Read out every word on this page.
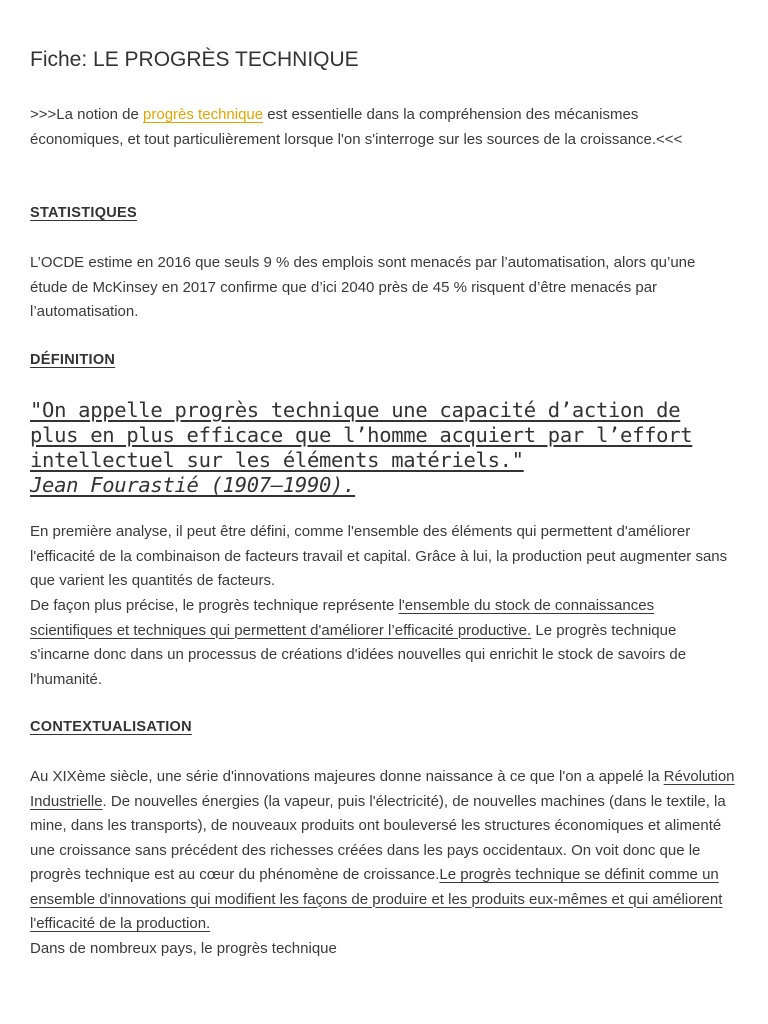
Fiche: LE PROGRÈS TECHNIQUE

>>>La notion de progrès technique est essentielle dans la compréhension des mécanismes économiques, et tout particulièrement lorsque l'on s'interroge sur les sources de la croissance.<<<

STATISTIQUES

L’OCDE estime en 2016 que seuls 9 % des emplois sont menacés par l’automatisation, alors qu’une étude de McKinsey en 2017 confirme que d’ici 2040 près de 45 % risquent d’être menacés par l’automatisation.

DÉFINITION

"On appelle progrès technique une capacité d’action de plus en plus efficace que l’homme acquiert par l’effort intellectuel sur les éléments matériels."
Jean Fourastié (1907–1990).

En première analyse, il peut être défini, comme l'ensemble des éléments qui permettent d'améliorer l'efficacité de la combinaison de facteurs travail et capital. Grâce à lui, la production peut augmenter sans que varient les quantités de facteurs.

De façon plus précise, le progrès technique représente l'ensemble du stock de connaissances scientifiques et techniques qui permettent d'améliorer l’efficacité productive. Le progrès technique s'incarne donc dans un processus de créations d'idées nouvelles qui enrichit le stock de savoirs de l'humanité.

CONTEXTUALISATION

Au XIXème siècle, une série d'innovations majeures donne naissance à ce que l'on a appelé la Révolution Industrielle. De nouvelles énergies (la vapeur, puis l'électricité), de nouvelles machines (dans le textile, la mine, dans les transports), de nouveaux produits ont bouleversé les structures économiques et alimenté une croissance sans précédent des richesses créées dans les pays occidentaux. On voit donc que le progrès technique est au cœur du phénomène de croissance.Le progrès technique se définit comme un ensemble d'innovations qui modifient les façons de produire et les produits eux-mêmes et qui améliorent l'efficacité de la production.
Dans de nombreux pays, le progrès technique
